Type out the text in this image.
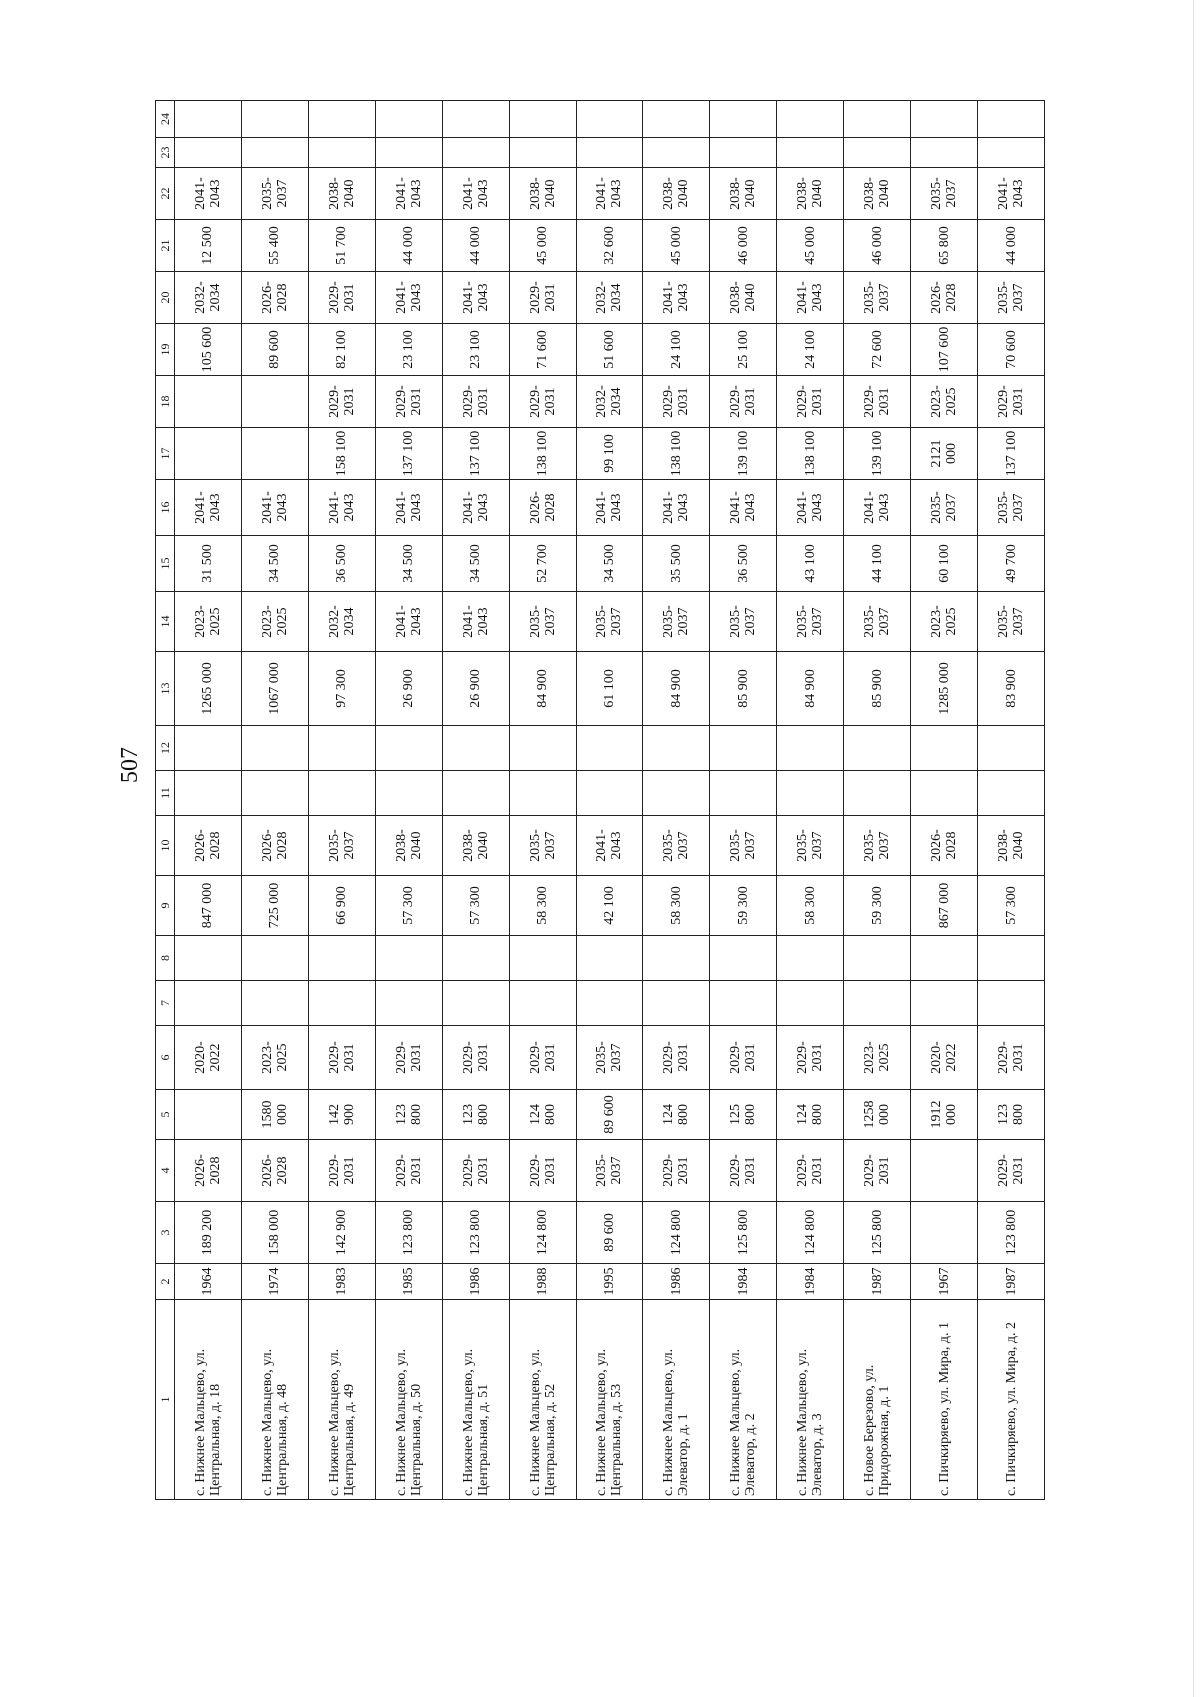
507
1	2	3	4	5	6	7	8	9	10	11	12	13	14	15	16	17	18	19	20	21	22	23	24
с. Нижнее Мальцево, ул. Центральная, д. 18	1964	189 200	2026-2028		2020-2022			847 000	2026-2028			1265 000	2023-2025	31 500	2041-2043			105 600	2032-2034	12 500	2041-2043		
с. Нижнее Мальцево, ул. Центральная, д. 48	1974	158 000	2026-2028	1580 000	2023-2025			725 000	2026-2028			1067 000	2023-2025	34 500	2041-2043			89 600	2026-2028	55 400	2035-2037		
с. Нижнее Мальцево, ул. Центральная, д. 49	1983	142 900	2029-2031	142 900	2029-2031			66 900	2035-2037			97 300	2032-2034	36 500	2041-2043	158 100	2029-2031	82 100	2029-2031	51 700	2038-2040		
с. Нижнее Мальцево, ул. Центральная, д. 50	1985	123 800	2029-2031	123 800	2029-2031			57 300	2038-2040			26 900	2041-2043	34 500	2041-2043	137 100	2029-2031	23 100	2041-2043	44 000	2041-2043		
с. Нижнее Мальцево, ул. Центральная, д. 51	1986	123 800	2029-2031	123 800	2029-2031			57 300	2038-2040			26 900	2041-2043	34 500	2041-2043	137 100	2029-2031	23 100	2041-2043	44 000	2041-2043		
с. Нижнее Мальцево, ул. Центральная, д. 52	1988	124 800	2029-2031	124 800	2029-2031			58 300	2035-2037			84 900	2035-2037	52 700	2026-2028	138 100	2029-2031	71 600	2029-2031	45 000	2038-2040		
с. Нижнее Мальцево, ул. Центральная, д. 53	1995	89 600	2035-2037	89 600	2035-2037			42 100	2041-2043			61 100	2035-2037	34 500	2041-2043	99 100	2032-2034	51 600	2032-2034	32 600	2041-2043		
с. Нижнее Мальцево, ул. Элеватор, д. 1	1986	124 800	2029-2031	124 800	2029-2031			58 300	2035-2037			84 900	2035-2037	35 500	2041-2043	138 100	2029-2031	24 100	2041-2043	45 000	2038-2040		
с. Нижнее Мальцево, ул. Элеватор, д. 2	1984	125 800	2029-2031	125 800	2029-2031			59 300	2035-2037			85 900	2035-2037	36 500	2041-2043	139 100	2029-2031	25 100	2038-2040	46 000	2038-2040		
с. Нижнее Мальцево, ул. Элеватор, д. 3	1984	124 800	2029-2031	124 800	2029-2031			58 300	2035-2037			84 900	2035-2037	43 100	2041-2043	138 100	2029-2031	24 100	2041-2043	45 000	2038-2040		
с. Новое Березово, ул. Придорожная, д. 1	1987	125 800	2029-2031	1258 000	2023-2025			59 300	2035-2037			85 900	2035-2037	44 100	2041-2043	139 100	2029-2031	72 600	2035-2037	46 000	2038-2040		
с. Пичкиряево, ул. Мира, д. 1	1967			1912 000	2020-2022			867 000	2026-2028			1285 000	2023-2025	60 100	2035-2037	2121 000	2023-2025	107 600	2026-2028	65 800	2035-2037		
с. Пичкиряево, ул. Мира, д. 2	1987	123 800	2029-2031	123 800	2029-2031			57 300	2038-2040			83 900	2035-2037	49 700	2035-2037	137 100	2029-2031	70 600	2035-2037	44 000	2041-2043		
